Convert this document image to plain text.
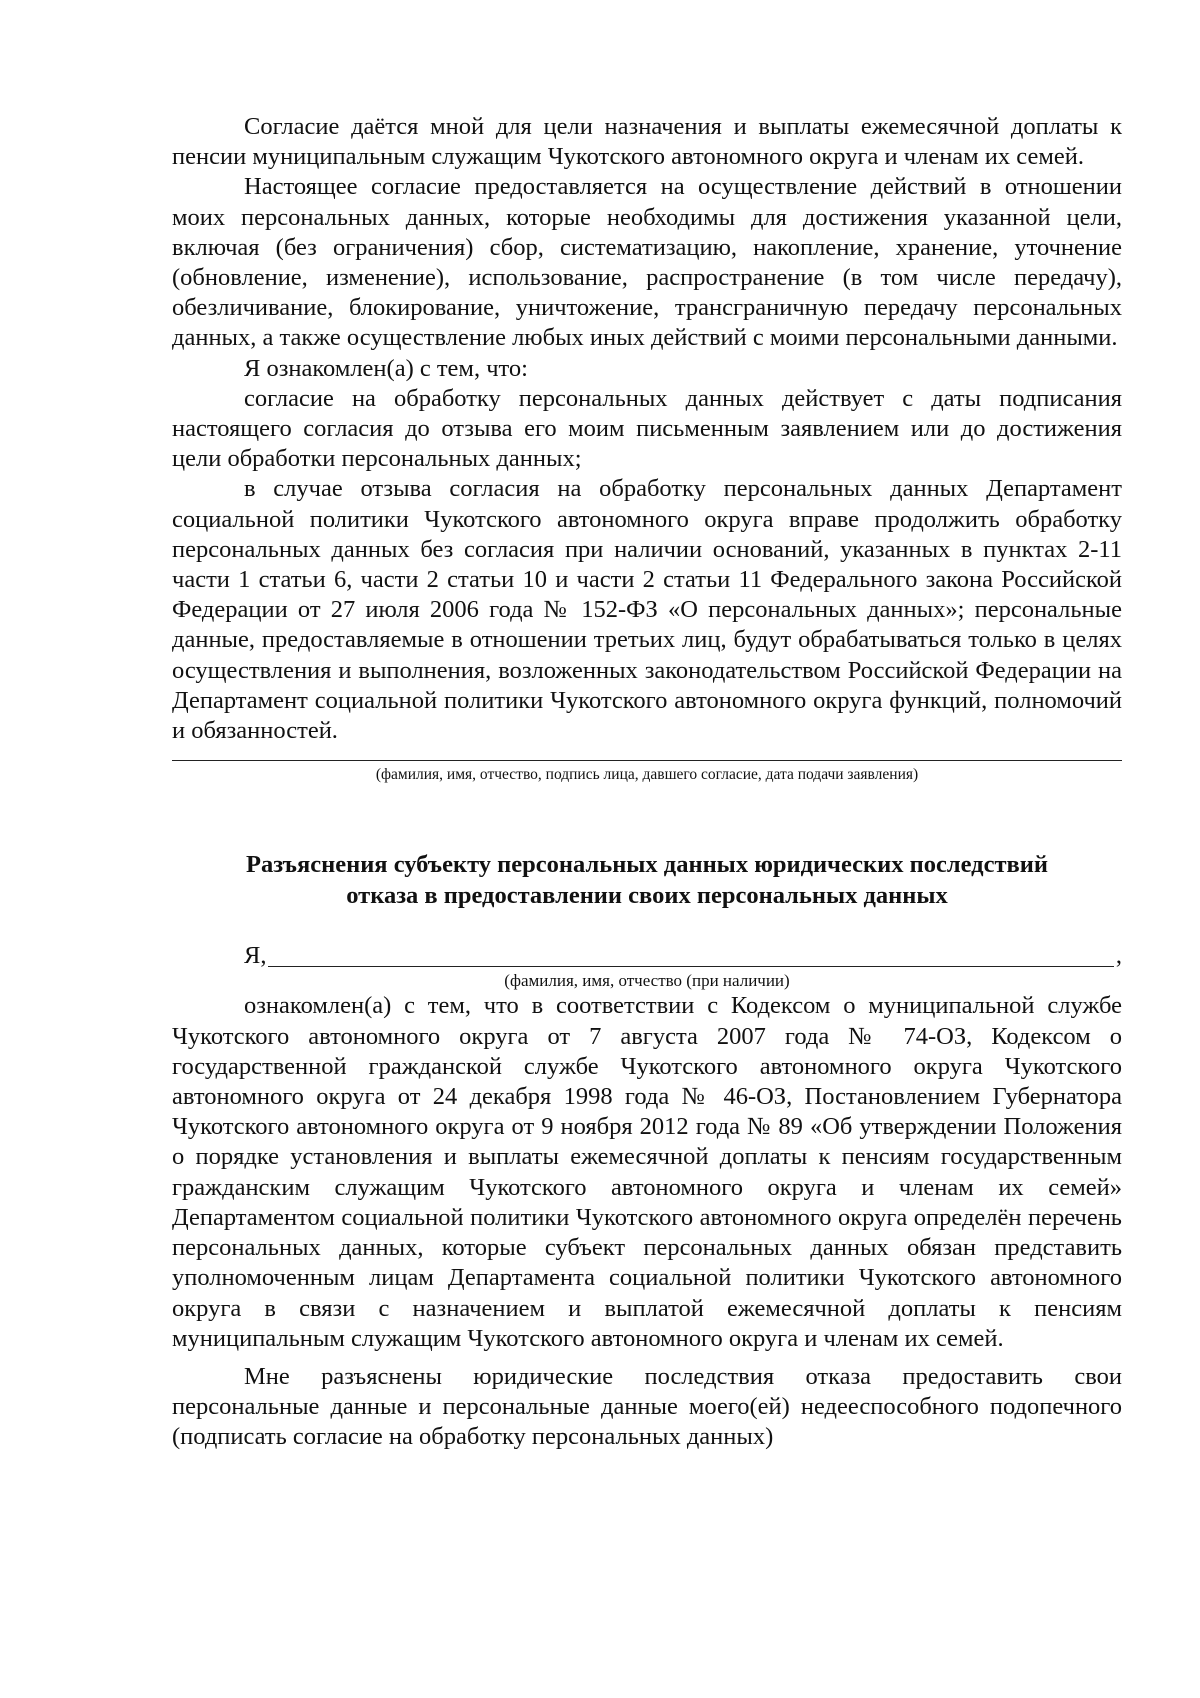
Согласие даётся мной для цели назначения и выплаты ежемесячной доплаты к пенсии муниципальным служащим Чукотского автономного округа и членам их семей.

Настоящее согласие предоставляется на осуществление действий в отношении моих персональных данных, которые необходимы для достижения указанной цели, включая (без ограничения) сбор, систематизацию, накопление, хранение, уточнение (обновление, изменение), использование, распространение (в том числе передачу), обезличивание, блокирование, уничтожение, трансграничную передачу персональных данных, а также осуществление любых иных действий с моими персональными данными.

Я ознакомлен(а) с тем, что:

согласие на обработку персональных данных действует с даты подписания настоящего согласия до отзыва его моим письменным заявлением или до достижения цели обработки персональных данных;

в случае отзыва согласия на обработку персональных данных Департамент социальной политики Чукотского автономного округа вправе продолжить обработку персональных данных без согласия при наличии оснований, указанных в пунктах 2-11 части 1 статьи 6, части 2 статьи 10 и части 2 статьи 11 Федерального закона Российской Федерации от 27 июля 2006 года № 152-ФЗ «О персональных данных»; персональные данные, предоставляемые в отношении третьих лиц, будут обрабатываться только в целях осуществления и выполнения, возложенных законодательством Российской Федерации на Департамент социальной политики Чукотского автономного округа функций, полномочий и обязанностей.

(фамилия, имя, отчество, подпись лица, давшего согласие, дата подачи заявления)
Разъяснения субъекту персональных данных юридических последствий
отказа в предоставлении своих персональных данных
Я,	,
(фамилия, имя, отчество (при наличии)

ознакомлен(а) с тем, что в соответствии с Кодексом о муниципальной службе Чукотского автономного округа от 7 августа 2007 года № 74-ОЗ, Кодексом о государственной гражданской службе Чукотского автономного округа Чукотского автономного округа от 24 декабря 1998 года № 46-ОЗ, Постановлением Губернатора Чукотского автономного округа от 9 ноября 2012 года № 89 «Об утверждении Положения о порядке установления и выплаты ежемесячной доплаты к пенсиям государственным гражданским служащим Чукотского автономного округа и членам их семей» Департаментом социальной политики Чукотского автономного округа определён перечень персональных данных, которые субъект персональных данных обязан представить уполномоченным лицам Департамента социальной политики Чукотского автономного округа в связи с назначением и выплатой ежемесячной доплаты к пенсиям муниципальным служащим Чукотского автономного округа и членам их семей.

Мне разъяснены юридические последствия отказа предоставить свои персональные данные и персональные данные моего(ей) недееспособного подопечного (подписать согласие на обработку персональных данных)
